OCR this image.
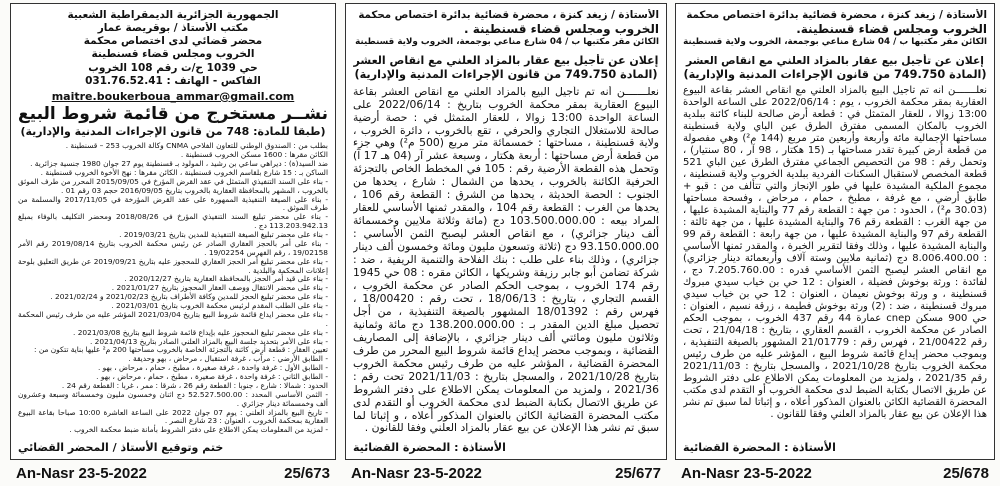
الجمهورية الجزائرية الديمقراطية الشعبية
مكتب الأستاذ / بوقريصة عمار
محضر قضائي لدى اختصاص محكمة
الخروب ومجلس قضاء قسنطينة
حي 1039 ح/ت رقم 108 الخروب
الفاكس - الهاتف : 031.76.52.41
maitre.boukerboua_ammar@gmail.com
نشــر مستخرج من قائمة شروط البيع
(طبقا للمادة: 748 من قانون الإجراءات المدنية والإدارية)

بطلب من : الصندوق الوطني للتعاون الفلاحي CNMA وكالة الخروب 253 – قسنطينة .

الكائن مقرها : 1600 مسكن الخروب قسنطينة .

ضد السيد(ة) : ديراهي ساعي بن رشيد ، المولود بـ قسنطينة يوم 27 جوان 1980 جنسية جزائرية .

الساكن بـ : 15 شارع بلقاسم الخروب قسنطينة ، الكائن مقرها : نهج الأخوة الخروب قسنطينة .

- بناء على السند التنفيذي المتمثل في عقد القرض المؤرخ في 2015/09/05 المحرر من طرف الموثق بالخروب ، المشهر بالمحافظة العقارية بالخروب بتاريخ 2016/09/05 حجم 03 رقم 01 .

- بناء على الصيغة التنفيذية الممهورة على عقد القرض المؤرخة في 2017/11/05 والمسلمة من طرف الموثق .

- بناء على محضر تبليغ السند التنفيذي المؤرخ في 2018/08/26 ومحضر التكليف بالوفاء بمبلغ 113.203.942.13 دج .

- بناء على محضر تبليغ الصيغة التنفيذية للمدين بتاريخ 2019/03/21 .

- بناء على أمر بالحجز العقاري الصادر عن رئيس محكمة الخروب بتاريخ 2019/08/14 رقم الأمر 19/02158 ، رقم الفهرس 19/02254 .

- بناء على محضر تبليغ أمر الحجز العقاري للمحجوز عليه بتاريخ 2019/09/21 عن طريق التعليق بلوحة إعلانات المحكمة والبلدية .

- بناء على قيد أمر الحجز بالمحافظة العقارية بتاريخ 2020/12/27 .

- بناء على محضر الانتقال ووصف العقار المحجوز بتاريخ 2021/01/27 .

- بناء على محضر تبليغ الحجز للمدين وكافة الأطراف بتاريخ 2021/02/23 و 2021/02/24 .

- بناء على الطلب المقدم لرئيس محكمة الخروب بتاريخ 2021/03/01 .

- بناء على محضر ايداع قائمة شروط البيع بتاريخ 2021/03/04 المؤشر عليه من طرف رئيس المحكمة .

- بناء على محضر تبليغ المحجوز عليه بإيداع قائمة شروط البيع بتاريخ 2021/03/08 .

- بناء على الأمر بتحديد جلسة البيع بالمزاد العلني الصادر بتاريخ 2021/04/13 .

تعيين العقار : قطعة أرض كائنة بالتجزئة الخاصة بالخروب مساحتها 200 م² عليها بناية تتكون من :

- الطابق الأرضي : مرآب ، غرفة استقبال ، مرحاض ، بهو وحديقة .

- الطابق الأول : غرفة واحدة ، غرفة صغيرة ، مطبخ ، حمام ، مرحاض ، بهو .

- الطابق الثاني : غرفة واحدة ، غرفة صغيرة ، مطبخ ، حمام ، مرحاض ، بهو .

الحدود : شمالا : شارع ، جنوبا : القطعة رقم 26 ، شرقا : ممر ، غربا : القطعة رقم 24 .

- الثمن الأساسي المحدد : 52.527.500.00 دج اثنان وخمسون مليون وخمسمائة وسبعة وعشرون ألف وخمسمائة دينار جزائري .

- تاريخ البيع بالمزاد العلني : يوم 07 جوان 2022 على الساعة العاشرة 10:00 صباحا بقاعة البيوع العقارية بمحكمة الخروب ، العنوان : 23 شارع النصر .

- لمزيد من المعلومات يمكن الاطلاع على دفتر الشروط بأمانة ضبط محكمة الخروب .

ختم وتوقيع الأستاذ / المحضر القضائي
An-Nasr 23-5-2022	25/673
الأستاذة / زيغد كنزة ، محضرة قضائية بدائرة اختصاص محكمة
الخروب ومجلس قضاء قسنطينة .
الكائن مقر مكتبها ب / 04 شارع مناعي بوجمعة، الخروب ولاية قسنطينة
إعلان عن تأجيل بيع عقار بالمزاد العلني مع انقاص العشر
(المادة 749.750 من قانون الإجراءات المدنية والإدارية)

نعلـــــــن أنه تم تأجيل البيع بالمزاد العلني مع انقاص العشر بقاعة البيوع العقارية بمقر محكمة الخروب بتاريخ : 2022/06/14 على الساعة الواحدة 13:00 زوالا ، للعقار المتمثل في : حصة أرضية صالحة للاستغلال التجاري والحرفي ، تقع بالخروب ، دائرة الخروب ، ولاية قسنطينة ، مساحتها : خمسمائة متر مربع (500 م²) وهي جزء من قطعة أرض مساحتها : أربعة هكتار ، وسبعة عشر آر (04 هـ 17 آ) وتحمل هذه القطعة الأرضية رقم : 105 في المخطط الخاص بالتجزئة الحرفية الكائنة بالخروب ، يحدها من الشمال : شارع ، يحدها من الجنوب : الحصة الحديثة ، يحدها من الشرق : القطعة رقم 106 ، يحدها من الغرب : القطعة رقم 104 ، والمقدر ثمنها الأساسي للعقار المراد بيعه : 103.500.000.00 دج (مائة وثلاثة ملايين وخمسمائة ألف دينار جزائري) ، مع انقاص العشر ليصبح الثمن الأساسي : 93.150.000.00 دج (ثلاثة وتسعون مليون ومائة وخمسون ألف دينار جزائري) ، وذلك بناء على طلب : بنك الفلاحة والتنمية الريفية ، ضد : شركة تضامن أبو جابر رزيقة وشريكها ، الكائن مقره : 08 حي 1945 رقم 174 الخروب ، بموجب الحكم الصادر عن محكمة الخروب ، القسم التجاري ، بتاريخ : 18/06/13 ، تحت رقم : 18/00420 ، فهرس رقم : 18/01392 المشهور بالصيغة التنفيذية ، من أجل تحصيل مبلغ الدين المقدر بـ : 138.200.000.00 دج مائة وثمانية وثلاثون مليون ومائتي ألف دينار جزائري ، بالإضافة إلى المصاريف القضائية ، وبموجب محضر إيداع قائمة شروط البيع المحرر من طرف المحضرة القضائية ، المؤشر عليه من طرف رئيس محكمة الخروب بتاريخ 2021/10/28 ، والمسجل بتاريخ : 2021/11/03 تحت رقم : 2021/36 ، ولمزيد من المعلومات يمكن الاطلاع على دفتر الشروط عن طريق الاتصال بكتابة الضبط لدى محكمة الخروب أو التقدم لدى مكتب المحضرة القضائية الكائن بالعنوان المذكور أعلاه ، و إثباتا لما سبق تم نشر هذا الإعلان عن بيع عقار بالمزاد العلني وفقا للقانون .

الأستاذة : المحضرة القضائية
An-Nasr 23-5-2022	25/677
الأستاذة / زيغد كنزة ، محضرة قضائية بدائرة اختصاص محكمة
الخروب ومجلس قضاء قسنطينة.
الكائن مقر مكتبها ب / 04 شارع مناعي بوجمعة، الخروب ولاية قسنطينة
إعلان عن تأجيل بيع عقار بالمزاد العلني مع انقاص العشر
(المادة 749.750 من قانون الإجراءات المدنية والإدارية)

نعلـــــــن أنه تم تأجيل البيع بالمزاد العلني مع انقاص العشر بقاعة البيوع العقارية بمقر محكمة الخروب ، يوم : 2022/06/14 على الساعة الواحدة 13:00 زوالا ، للعقار المتمثل في : قطعة أرض صالحة للبناء كائنة ببلدية الخروب بالمكان المسمى مفترق الطرق عين الباي ولاية قسنطينة مساحتها الإجمالية مائة وأربعة وأربعين متر مربع (144 م²) وهي مفصولة من قطعة أرض كبيرة تقدر مساحتها بـ (15 هكتار ، 98 آر ، 80 سنتيار) ، وتحمل رقم : 98 من التحصيص الجماعي مفترق الطرق عين الباي 521 قطعة المخصص لاستقبال السكنات الفردية ببلدية الخروب ولاية قسنطينة ، مجموع الملكية المشيدة عليها في طور الإنجاز والتي تتألف من : قبو + طابق أرضي ، مع غرفة ، مطبخ ، حمام ، مرحاض ، وفسحة مساحتها (30.03 م²) ، الحدود : من جهة : القطعة رقم 77 والبناية المشيدة عليها ، من جهة الغرب : القطعة رقم 76 والبناية المشيدة عليها ، من جهة ثالثة : القطعة رقم 97 والبناية المشيدة عليها ، من جهة رابعة : القطعة رقم 99 والبناية المشيدة عليها ، وذلك وفقا لتقرير الخبرة ، والمقدر ثمنها الأساسي : 8.006.400.00 دج (ثمانية ملايين وستة آلاف وأربعمائة دينار جزائري) مع انقاص العشر ليصبح الثمن الأساسي قدره : 7.205.760.00 دج ، لفائدة : ورثة بوخوش فضيلة ، العنوان : 12 حي بن خياب سيدي مبروك قسنطينة ، و ورثة بوخوش نعيمان ، العنوان : 12 حي بن خياب سيدي مبروك قسنطينة ، ضد : (2) ورثة بوخوش فطيمة ، زرقة نسيم ، العنوان : حي 900 مسكن cnep عمارة 44 رقم 437 الخروب ، بموجب الحكم الصادر عن محكمة الخروب ، القسم العقاري ، بتاريخ : 21/04/18 ، تحت رقم 21/00422 ، فهرس رقم : 21/01779 المشهور بالصيغة التنفيذية ، وبموجب محضر إيداع قائمة شروط البيع ، المؤشر عليه من طرف رئيس محكمة الخروب بتاريخ 2021/10/28 ، والمسجل بتاريخ : 2021/11/03 رقم 2021/35 ، ولمزيد من المعلومات يمكن الاطلاع على دفتر الشروط عن طريق الاتصال بكتابة الضبط لدى محكمة الخروب أو التقدم لدى مكتب المحضرة القضائية الكائن بالعنوان المذكور أعلاه ، و إثباتا لما سبق تم نشر هذا الإعلان عن بيع عقار بالمزاد العلني وفقا للقانون .

الأستاذة : المحضرة القضائية
An-Nasr 23-5-2022	25/678
